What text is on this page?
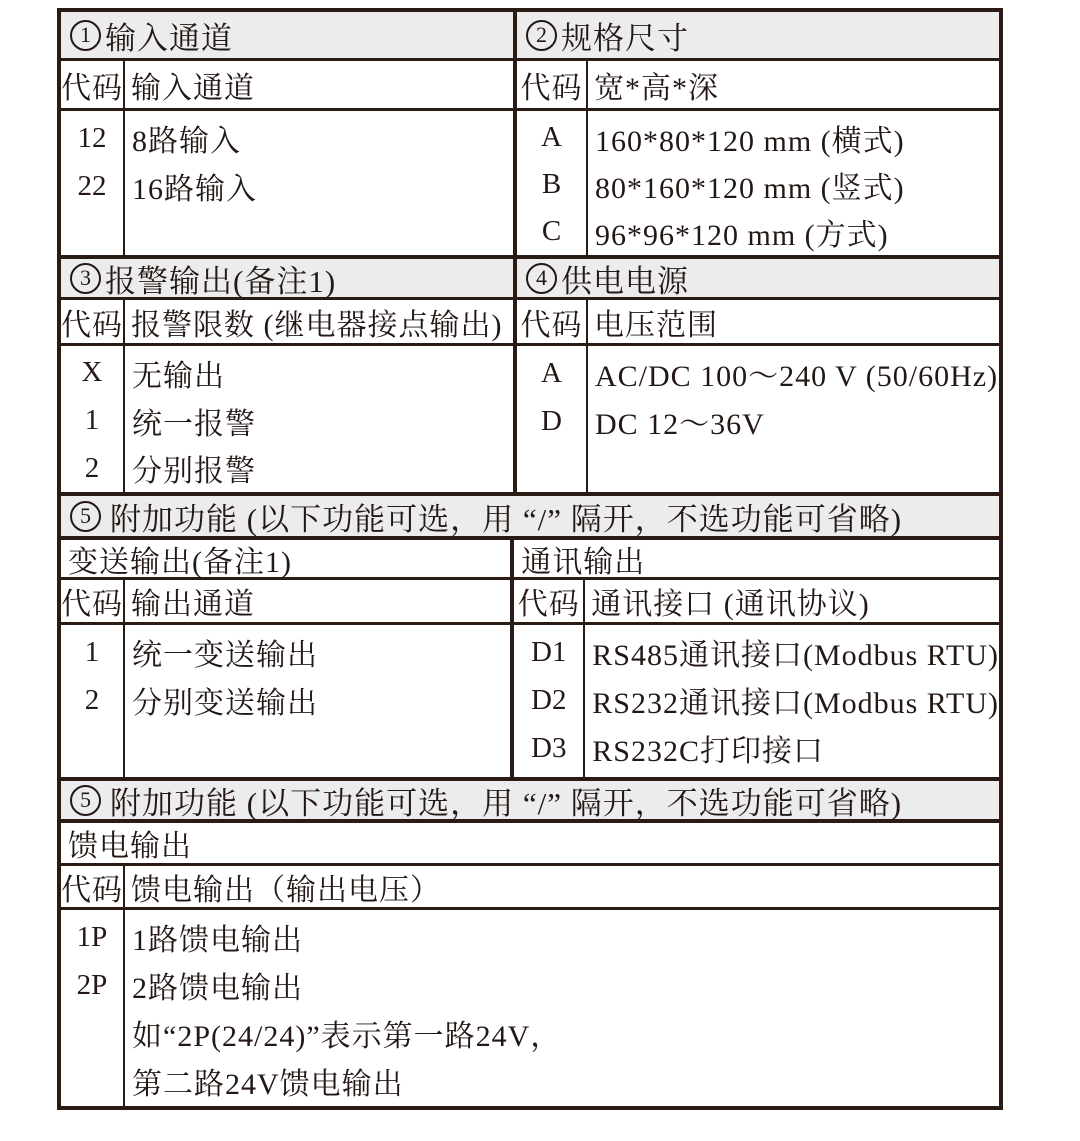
1 输入通道
代码 输入通道
12
22
8路输入
16路输入
2 规格尺寸
代码 宽*高*深
A
B
C
160*80*120 mm (横式)
80*160*120 mm (竖式)
96*96*120 mm (方式)
3 报警输出(备注1)
代码 报警限数 (继电器接点输出)
X
1
2
无输出
统一报警
分别报警
4 供电电源
代码 电压范围
A
D
AC/DC 100～240 V (50/60Hz)
DC 12～36V
5 附加功能 (以下功能可选，用 “/” 隔开，不选功能可省略)
变送输出(备注1)
代码 输出通道
1
2
统一变送输出
分别变送输出
通讯输出
代码 通讯接口 (通讯协议)
D1
D2
D3
RS485通讯接口(Modbus RTU)
RS232通讯接口(Modbus RTU)
RS232C打印接口
5 附加功能 (以下功能可选，用 “/” 隔开，不选功能可省略)
馈电输出
代码 馈电输出（输出电压）
1P
2P
1路馈电输出
2路馈电输出
如“2P(24/24)”表示第一路24V，
第二路24V馈电输出
